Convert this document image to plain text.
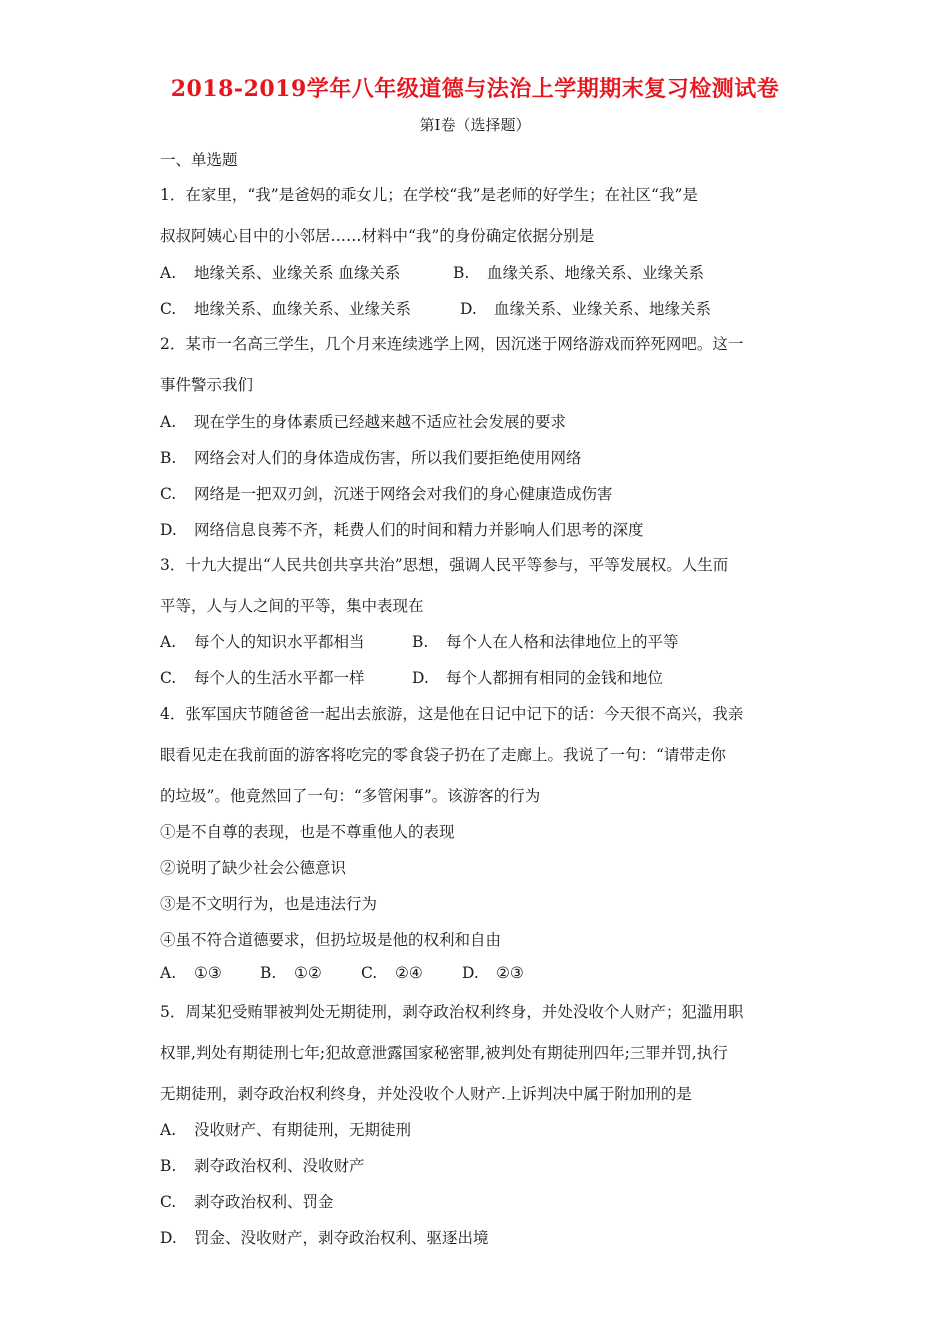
2018-2019学年八年级道德与法治上学期期末复习检测试卷
第Ⅰ卷（选择题）
一、单选题
1．在家里，“我”是爸妈的乖女儿；在学校“我”是老师的好学生；在社区“我”是
叔叔阿姨心目中的小邻居……材料中“我”的身份确定依据分别是
A. 地缘关系、业缘关系 血缘关系	B. 血缘关系、地缘关系、业缘关系
C. 地缘关系、血缘关系、业缘关系	D. 血缘关系、业缘关系、地缘关系
2．某市一名高三学生，几个月来连续逃学上网，因沉迷于网络游戏而猝死网吧。这一
事件警示我们
A. 现在学生的身体素质已经越来越不适应社会发展的要求
B. 网络会对人们的身体造成伤害，所以我们要拒绝使用网络
C. 网络是一把双刃剑，沉迷于网络会对我们的身心健康造成伤害
D. 网络信息良莠不齐，耗费人们的时间和精力并影响人们思考的深度
3．十九大提出“人民共创共享共治”思想，强调人民平等参与，平等发展权。人生而
平等，人与人之间的平等，集中表现在
A. 每个人的知识水平都相当	B. 每个人在人格和法律地位上的平等
C. 每个人的生活水平都一样	D. 每个人都拥有相同的金钱和地位
4．张军国庆节随爸爸一起出去旅游，这是他在日记中记下的话：今天很不高兴，我亲
眼看见走在我前面的游客将吃完的零食袋子扔在了走廊上。我说了一句：“请带走你
的垃圾”。他竟然回了一句：“多管闲事”。该游客的行为
①是不自尊的表现，也是不尊重他人的表现
②说明了缺少社会公德意识
③是不文明行为，也是违法行为
④虽不符合道德要求，但扔垃圾是他的权利和自由
A. ①③ B. ①②	C. ②④	D. ②③
5．周某犯受贿罪被判处无期徒刑，剥夺政治权利终身，并处没收个人财产；犯滥用职
权罪,判处有期徒刑七年;犯故意泄露国家秘密罪,被判处有期徒刑四年;三罪并罚,执行
无期徒刑，剥夺政治权利终身，并处没收个人财产.上诉判决中属于附加刑的是
A. 没收财产、有期徒刑，无期徒刑
B. 剥夺政治权利、没收财产
C. 剥夺政治权利、罚金
D. 罚金、没收财产，剥夺政治权利、驱逐出境
